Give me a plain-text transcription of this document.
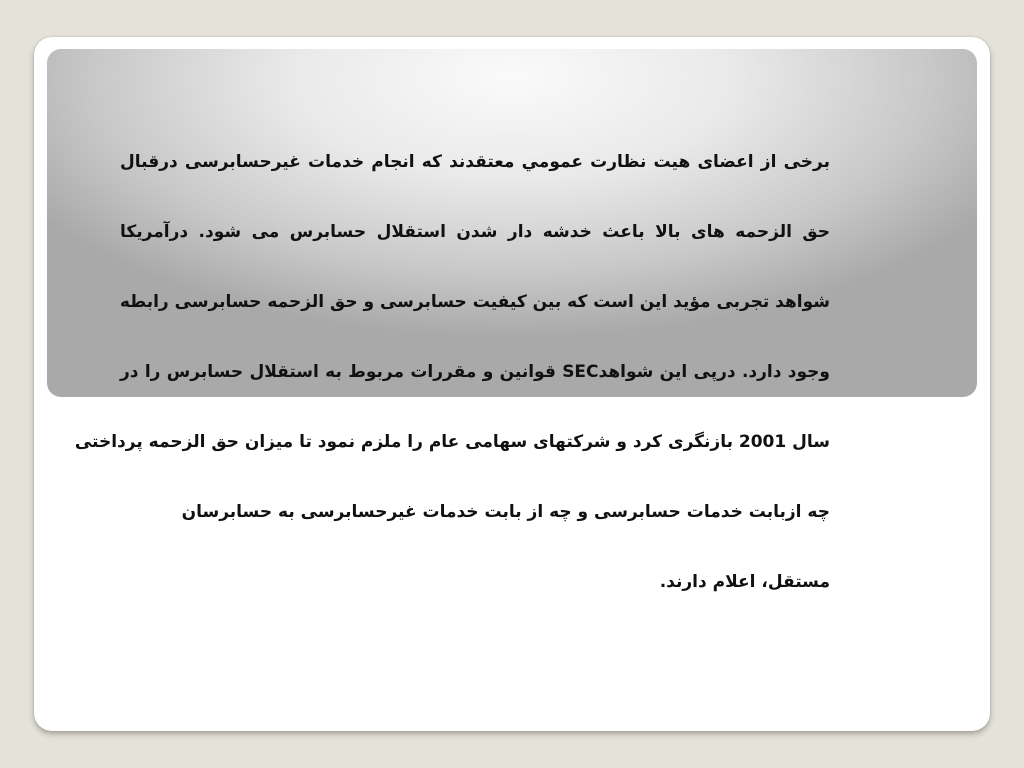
برخی از اعضای هیت نظارت عمومي معتقدند که انجام خدمات غیرحسابرسی درقبال
حق الزحمه های بالا باعث خدشه دار شدن استقلال حسابرس می شود. درآمریکا
شواهد تجربی مؤید این است که بین کیفیت حسابرسی و حق الزحمه حسابرسی رابطه
وجود دارد. درپی این شواهدSEC قوانین و مقررات مربوط به استقلال حسابرس را در
سال 2001 بازنگری کرد و شرکتهای سهامی عام را ملزم نمود تا میزان حق الزحمه پرداختی
چه ازبابت خدمات حسابرسی و چه از بابت خدمات غیرحسابرسی به حسابرسان
مستقل، اعلام دارند.
